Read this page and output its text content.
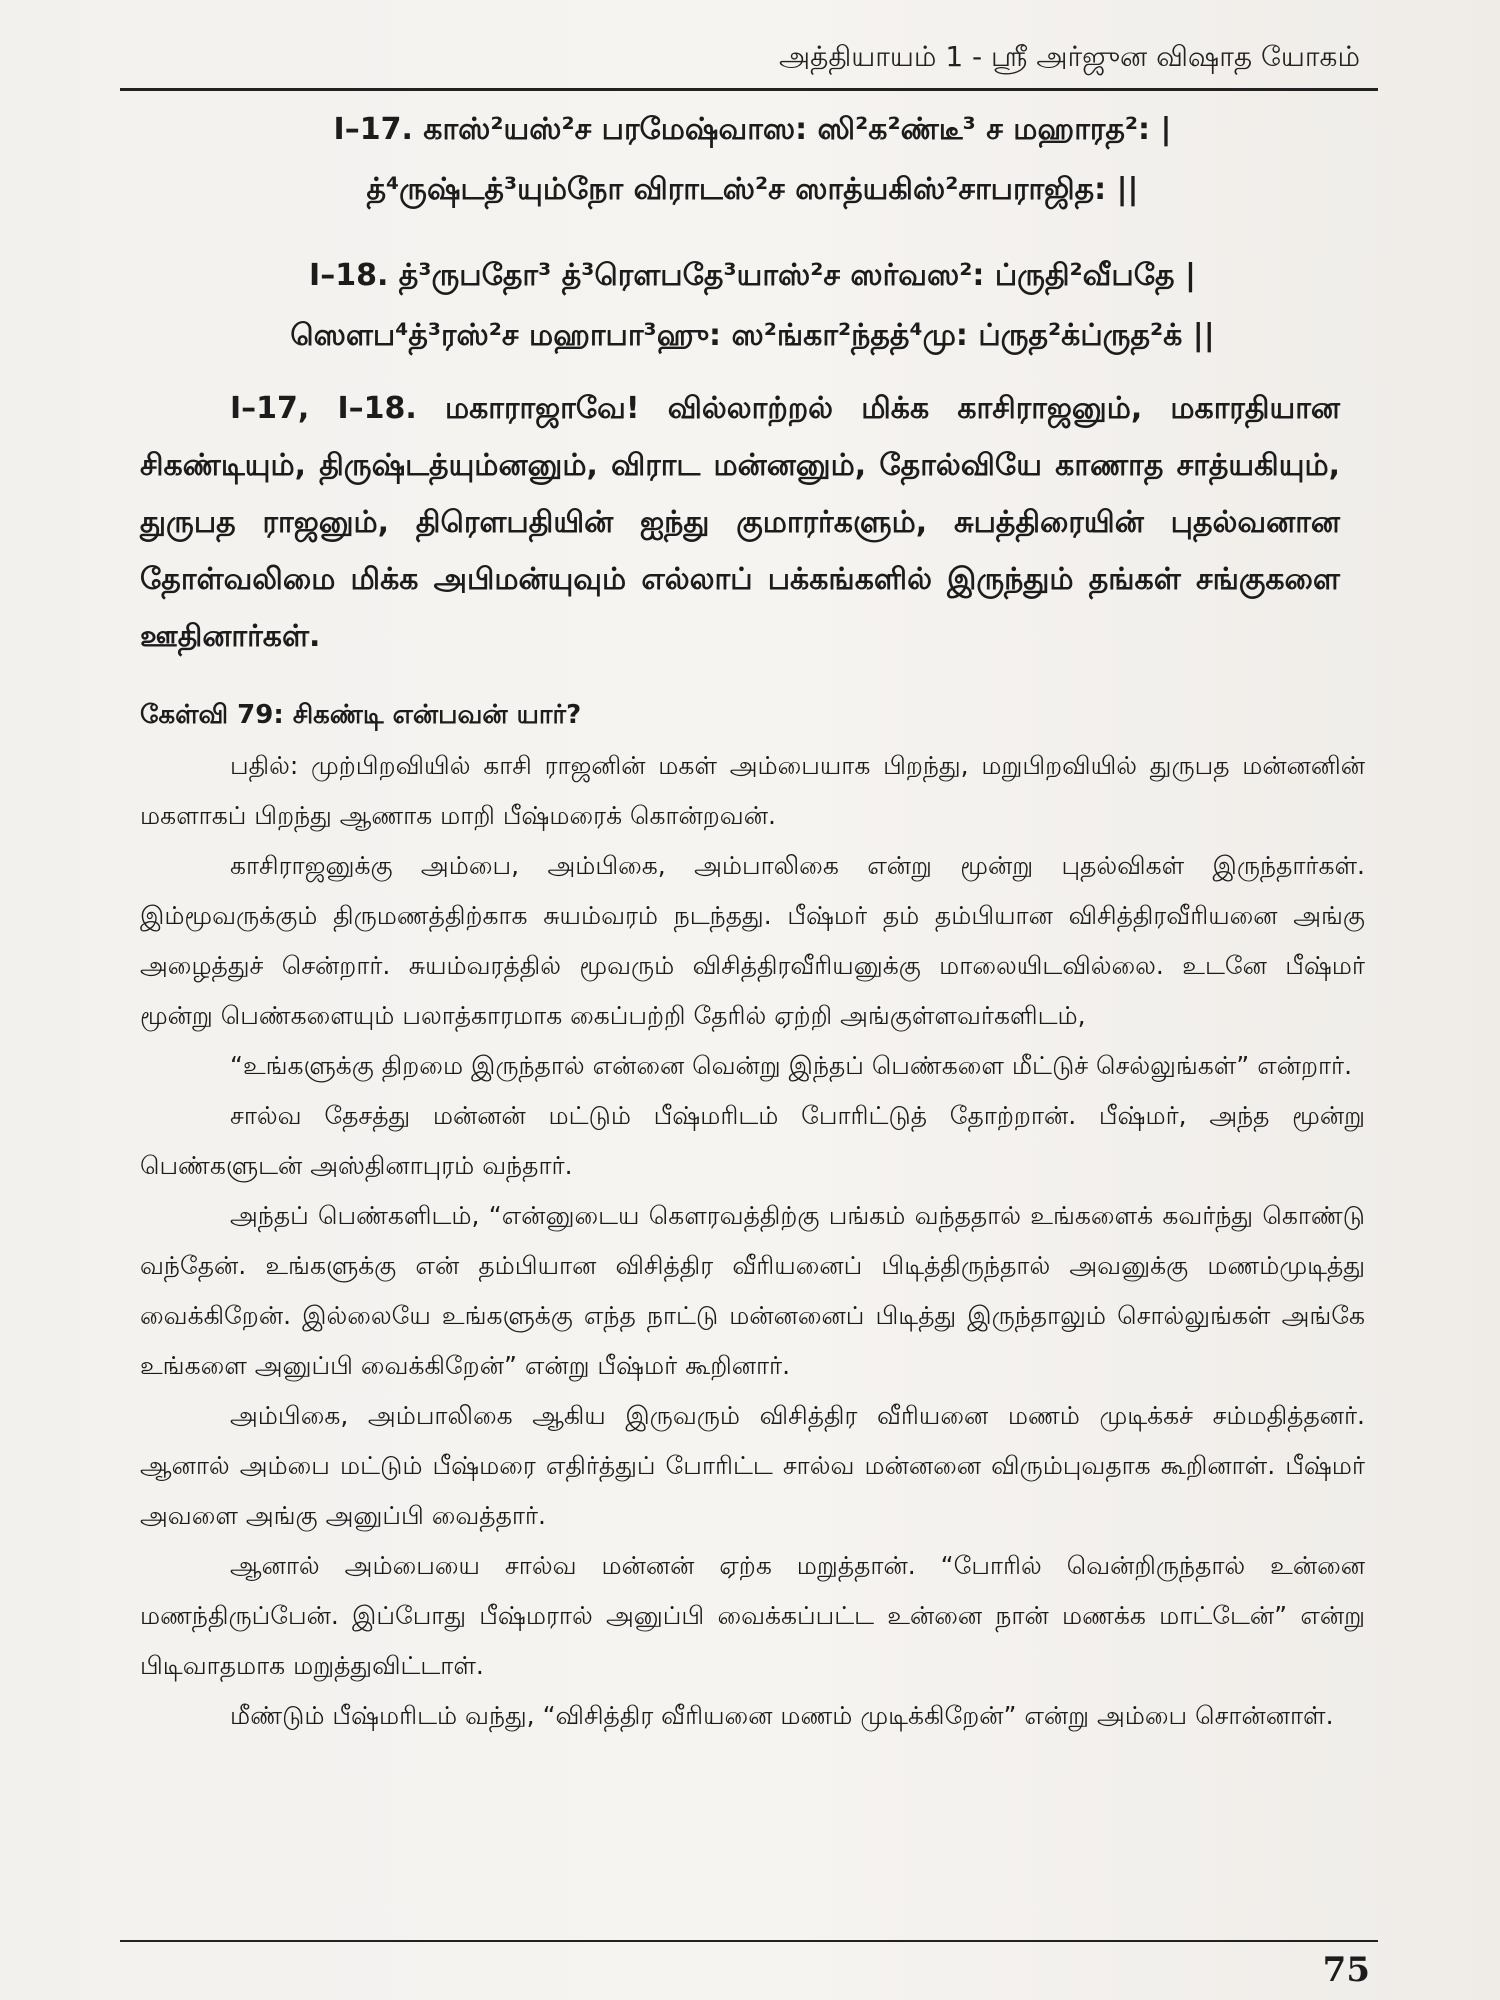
அத்தியாயம் 1 - ஸ்ரீ அர்ஜுன விஷாத யோகம்

I–17. காஸ்²யஸ்²ச பரமேஷ்வாஸ: ஸி²க²ண்டீ³ ச மஹாரத²: |

த்⁴ருஷ்டத்³யும்நோ விராடஸ்²ச ஸாத்யகிஸ்²சாபராஜித: ||

I–18. த்³ருபதோ³ த்³ரௌபதே³யாஸ்²ச ஸர்வஸ²: ப்ருதி²வீபதே |

ஸௌப⁴த்³ரஸ்²ச மஹாபா³ஹு: ஸ²ங்கா²ந்தத்⁴மு: ப்ருத²க்ப்ருத²க் ||

I–17, I–18. மகாராஜாவே! வில்லாற்றல் மிக்க காசிராஜனும், மகாரதியான சிகண்டியும், திருஷ்டத்யும்னனும், விராட மன்னனும், தோல்வியே காணாத சாத்யகியும், துருபத ராஜனும், திரௌபதியின் ஐந்து குமாரர்களும், சுபத்திரையின் புதல்வனான தோள்வலிமை மிக்க அபிமன்யுவும் எல்லாப் பக்கங்களில் இருந்தும் தங்கள் சங்குகளை ஊதினார்கள்.

கேள்வி 79: சிகண்டி என்பவன் யார்?

பதில்: முற்பிறவியில் காசி ராஜனின் மகள் அம்பையாக பிறந்து, மறுபிறவியில் துருபத மன்னனின் மகளாகப் பிறந்து ஆணாக மாறி பீஷ்மரைக் கொன்றவன்.

காசிராஜனுக்கு அம்பை, அம்பிகை, அம்பாலிகை என்று மூன்று புதல்விகள் இருந்தார்கள். இம்மூவருக்கும் திருமணத்திற்காக சுயம்வரம் நடந்தது. பீஷ்மர் தம் தம்பியான விசித்திரவீரியனை அங்கு அழைத்துச் சென்றார். சுயம்வரத்தில் மூவரும் விசித்திரவீரியனுக்கு மாலையிடவில்லை. உடனே பீஷ்மர் மூன்று பெண்களையும் பலாத்காரமாக கைப்பற்றி தேரில் ஏற்றி அங்குள்ளவர்களிடம்,

“உங்களுக்கு திறமை இருந்தால் என்னை வென்று இந்தப் பெண்களை மீட்டுச் செல்லுங்கள்” என்றார்.

சால்வ தேசத்து மன்னன் மட்டும் பீஷ்மரிடம் போரிட்டுத் தோற்றான். பீஷ்மர், அந்த மூன்று பெண்களுடன் அஸ்தினாபுரம் வந்தார்.

அந்தப் பெண்களிடம், “என்னுடைய கௌரவத்திற்கு பங்கம் வந்ததால் உங்களைக் கவர்ந்து கொண்டு வந்தேன். உங்களுக்கு என் தம்பியான விசித்திர வீரியனைப் பிடித்திருந்தால் அவனுக்கு மணம்முடித்து வைக்கிறேன். இல்லையே உங்களுக்கு எந்த நாட்டு மன்னனைப் பிடித்து இருந்தாலும் சொல்லுங்கள் அங்கே உங்களை அனுப்பி வைக்கிறேன்” என்று பீஷ்மர் கூறினார்.

அம்பிகை, அம்பாலிகை ஆகிய இருவரும் விசித்திர வீரியனை மணம் முடிக்கச் சம்மதித்தனர். ஆனால் அம்பை மட்டும் பீஷ்மரை எதிர்த்துப் போரிட்ட சால்வ மன்னனை விரும்புவதாக கூறினாள். பீஷ்மர் அவளை அங்கு அனுப்பி வைத்தார்.

ஆனால் அம்பையை சால்வ மன்னன் ஏற்க மறுத்தான். “போரில் வென்றிருந்தால் உன்னை மணந்திருப்பேன். இப்போது பீஷ்மரால் அனுப்பி வைக்கப்பட்ட உன்னை நான் மணக்க மாட்டேன்” என்று பிடிவாதமாக மறுத்துவிட்டாள்.

மீண்டும் பீஷ்மரிடம் வந்து, “விசித்திர வீரியனை மணம் முடிக்கிறேன்” என்று அம்பை சொன்னாள்.

75
